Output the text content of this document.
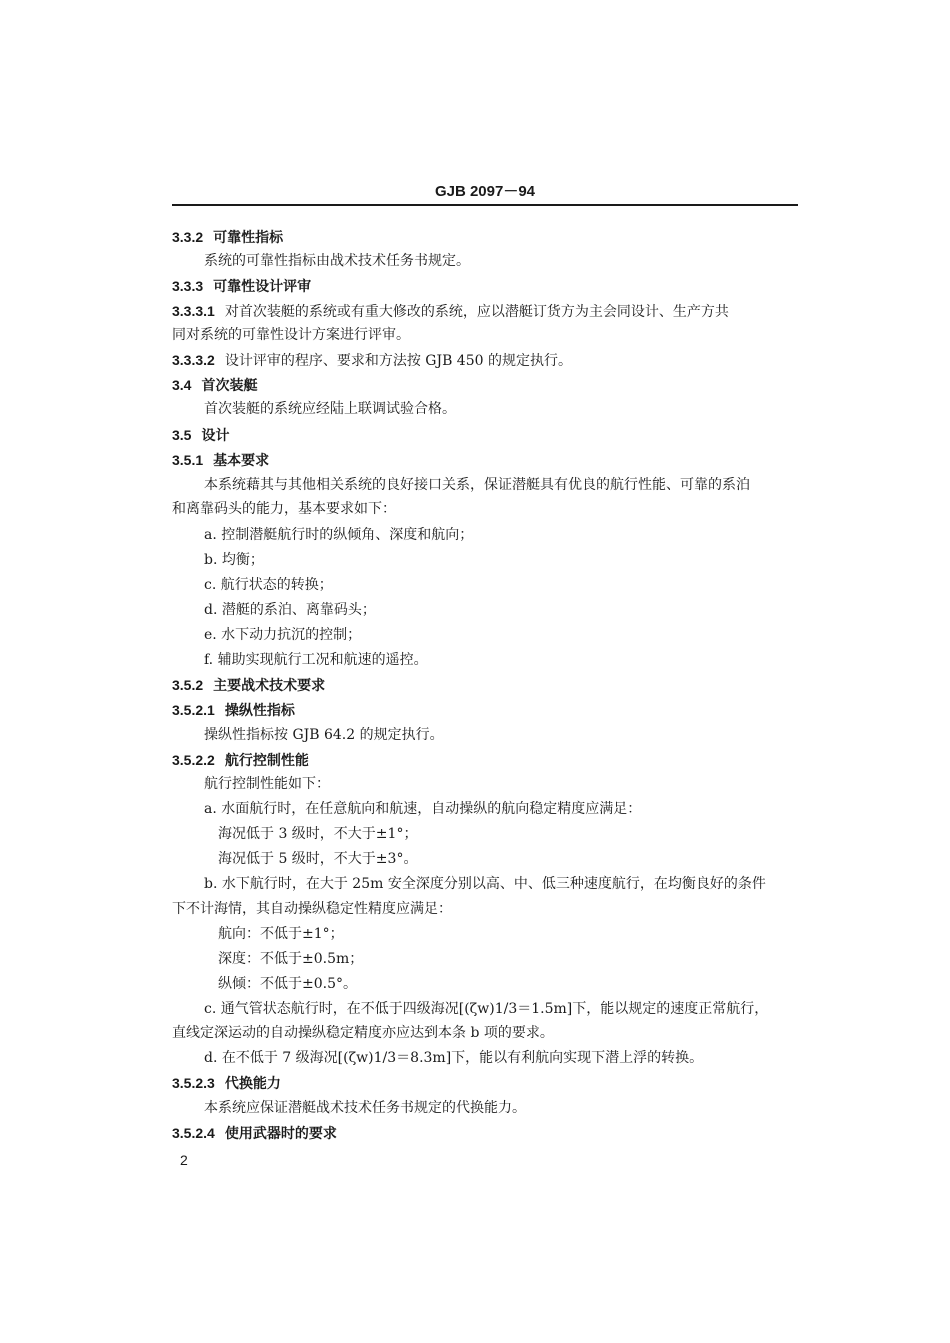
GJB 2097－94
3.3.2 可靠性指标
系统的可靠性指标由战术技术任务书规定。
3.3.3 可靠性设计评审
3.3.3.1 对首次装艇的系统或有重大修改的系统，应以潜艇订货方为主会同设计、生产方共
同对系统的可靠性设计方案进行评审。
3.3.3.2 设计评审的程序、要求和方法按 GJB 450 的规定执行。
3.4 首次装艇
首次装艇的系统应经陆上联调试验合格。
3.5 设计
3.5.1 基本要求
本系统藉其与其他相关系统的良好接口关系，保证潜艇具有优良的航行性能、可靠的系泊
和离靠码头的能力，基本要求如下：
a. 控制潜艇航行时的纵倾角、深度和航向；
b. 均衡；
c. 航行状态的转换；
d. 潜艇的系泊、离靠码头；
e. 水下动力抗沉的控制；
f. 辅助实现航行工况和航速的遥控。
3.5.2 主要战术技术要求
3.5.2.1 操纵性指标
操纵性指标按 GJB 64.2 的规定执行。
3.5.2.2 航行控制性能
航行控制性能如下：
a. 水面航行时，在任意航向和航速，自动操纵的航向稳定精度应满足：
海况低于 3 级时，不大于±1°；
海况低于 5 级时，不大于±3°。
b. 水下航行时，在大于 25m 安全深度分别以高、中、低三种速度航行，在均衡良好的条件
下不计海情，其自动操纵稳定性精度应满足：
航向：不低于±1°；
深度：不低于±0.5m；
纵倾：不低于±0.5°。
c. 通气管状态航行时，在不低于四级海况[(ζw)1/3＝1.5m]下，能以规定的速度正常航行，
直线定深运动的自动操纵稳定精度亦应达到本条 b 项的要求。
d. 在不低于 7 级海况[(ζw)1/3＝8.3m]下，能以有利航向实现下潜上浮的转换。
3.5.2.3 代换能力
本系统应保证潜艇战术技术任务书规定的代换能力。
3.5.2.4 使用武器时的要求
2
